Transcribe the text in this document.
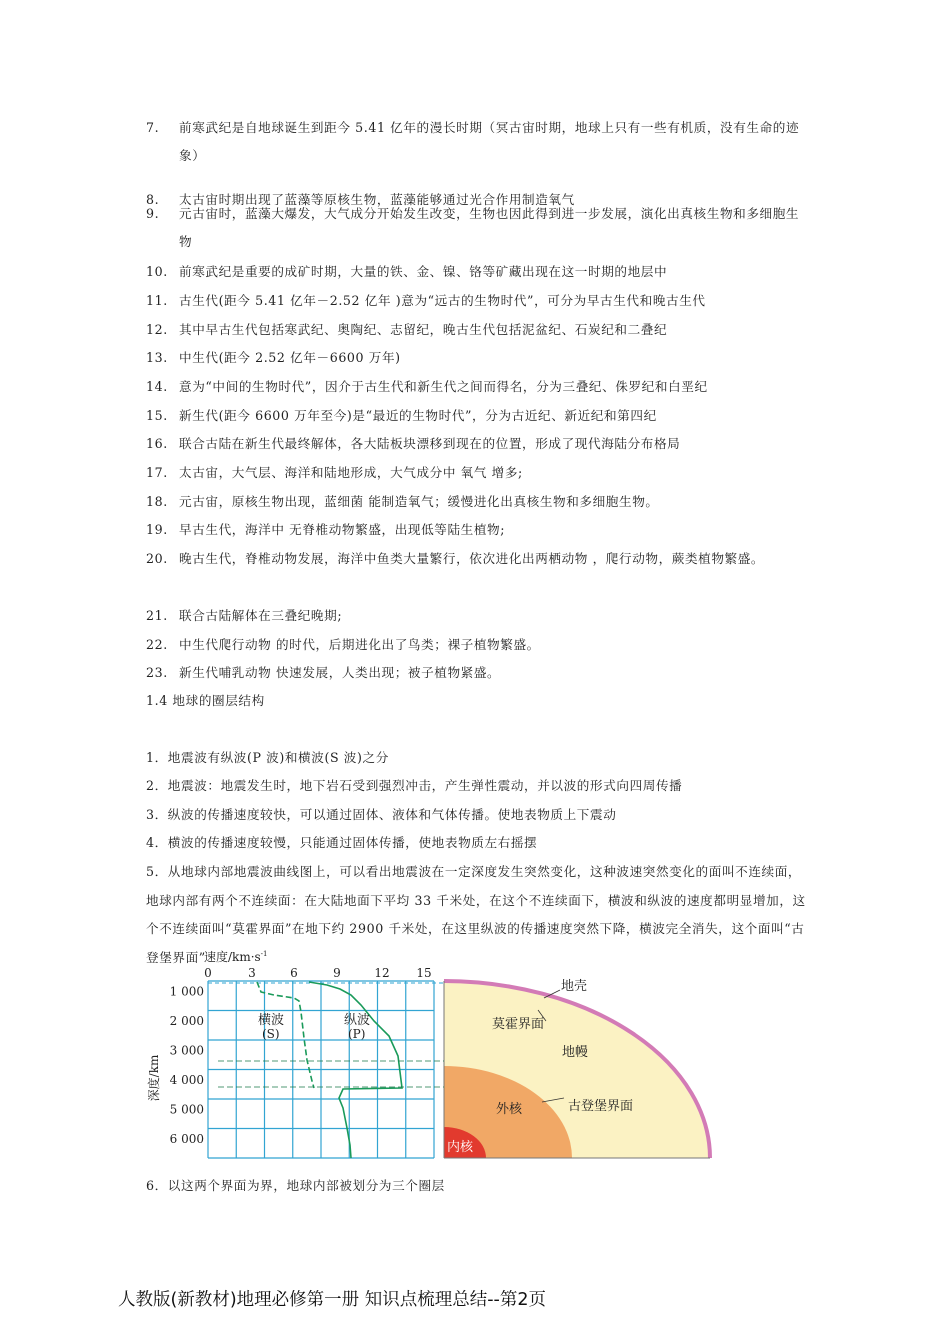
7. 前寒武纪是自地球诞生到距今 5.41 亿年的漫长时期（冥古宙时期，地球上只有一些有机质，没有生命的迹象）
8. 太古宙时期出现了蓝藻等原核生物，蓝藻能够通过光合作用制造氧气
9. 元古宙时，蓝藻大爆发，大气成分开始发生改变，生物也因此得到进一步发展，演化出真核生物和多细胞生物
10. 前寒武纪是重要的成矿时期，大量的铁、金、镍、铬等矿藏出现在这一时期的地层中
11. 古生代(距今 5.41 亿年－2.52 亿年 )意为“远古的生物时代”，可分为早古生代和晚古生代
12. 其中早古生代包括寒武纪、奥陶纪、志留纪，晚古生代包括泥盆纪、石炭纪和二叠纪
13. 中生代(距今 2.52 亿年－6600 万年)
14. 意为“中间的生物时代”，因介于古生代和新生代之间而得名，分为三叠纪、侏罗纪和白垩纪
15. 新生代(距今 6600 万年至今)是“最近的生物时代”，分为古近纪、新近纪和第四纪
16. 联合古陆在新生代最终解体，各大陆板块漂移到现在的位置，形成了现代海陆分布格局
17. 太古宙，大气层、海洋和陆地形成，大气成分中 氧气 增多;
18. 元古宙，原核生物出现，蓝细菌 能制造氧气；缓慢进化出真核生物和多细胞生物。
19. 早古生代，海洋中 无脊椎动物繁盛，出现低等陆生植物;
20. 晚古生代，脊椎动物发展，海洋中鱼类大量繁行，依次进化出两栖动物 ，爬行动物，蕨类植物繁盛。
21. 联合古陆解体在三叠纪晚期;
22. 中生代爬行动物 的时代，后期进化出了鸟类；裸子植物繁盛。
23. 新生代哺乳动物 快速发展，人类出现；被子植物紧盛。
1.4 地球的圈层结构
1．地震波有纵波(P 波)和横波(S 波)之分
2．地震波：地震发生时，地下岩石受到强烈冲击，产生弹性震动，并以波的形式向四周传播
3．纵波的传播速度较快，可以通过固体、液体和气体传播。使地表物质上下震动
4．横波的传播速度较慢，只能通过固体传播，使地表物质左右摇摆
5．从地球内部地震波曲线图上，可以看出地震波在一定深度发生突然变化，这种波速突然变化的面叫不连续面，地球内部有两个不连续面：在大陆地面下平均 33 千米处，在这个不连续面下，横波和纵波的速度都明显增加，这个不连续面叫“莫霍界面”在地下约 2900 千米处，在这里纵波的传播速度突然下降，横波完全消失，这个面叫“古登堡界面”
地壳
莫霍界面
地幔
外核	古登堡界面
内核
速度$/km\cdot s^{-1}$
0	3	6	9	12 15
1 000
2 000
3 000
4 000
5 000
6 000
深度/km
横波
(S)
纵波
(P)
6．以这两个界面为界，地球内部被划分为三个圈层
人教版(新教材)地理必修第一册 知识点梳理总结--第2页
